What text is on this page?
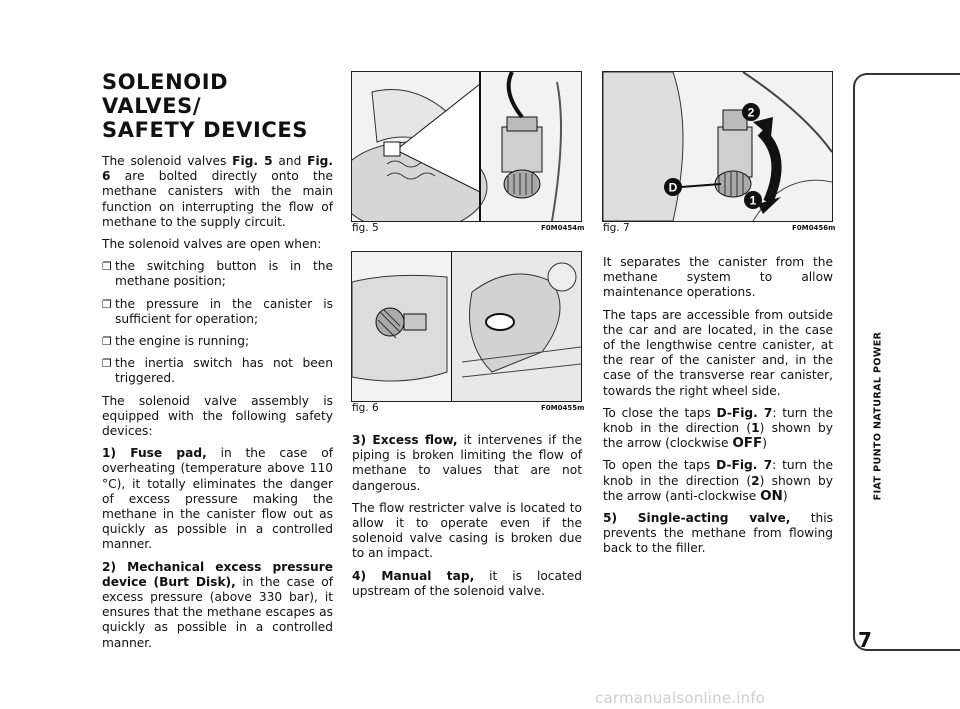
SOLENOID VALVES/
SAFETY DEVICES

The solenoid valves Fig. 5 and Fig. 6 are bolted directly onto the methane canisters with the main function on interrupting the flow of methane to the supply circuit.

The solenoid valves are open when:

❐ the switching button is in the methane position;

❐ the pressure in the canister is sufficient for operation;

❐ the engine is running;

❐ the inertia switch has not been triggered.

The solenoid valve assembly is equipped with the following safety devices:

1) Fuse pad, in the case of overheating (temperature above 110 °C), it totally eliminates the danger of excess pressure making the methane in the canister flow out as quickly as possible in a controlled manner.

2) Mechanical excess pressure device (Burt Disk), in the case of excess pressure (above 330 bar), it ensures that the methane escapes as quickly as possible in a controlled manner.

fig. 5	F0M0454m
fig. 6	F0M0455m

3) Excess flow, it intervenes if the piping is broken limiting the flow of methane to values that are not dangerous.

The flow restricter valve is located to allow it to operate even if the solenoid valve casing is broken due to an impact.

4) Manual tap, it is located upstream of the solenoid valve.

D
2
1
fig. 7	F0M0456m

It separates the canister from the methane system to allow maintenance operations.

The taps are accessible from outside the car and are located, in the case of the lengthwise centre canister, at the rear of the canister and, in the case of the transverse rear canister, towards the right wheel side.

To close the taps D-Fig. 7: turn the knob in the direction (1) shown by the arrow (clockwise OFF)

To open the taps D-Fig. 7: turn the knob in the direction (2) shown by the arrow (anti-clockwise ON)

5) Single-acting valve, this prevents the methane from flowing back to the filler.

FIAT PUNTO NATURAL POWER
7
carmanualsonline.info
